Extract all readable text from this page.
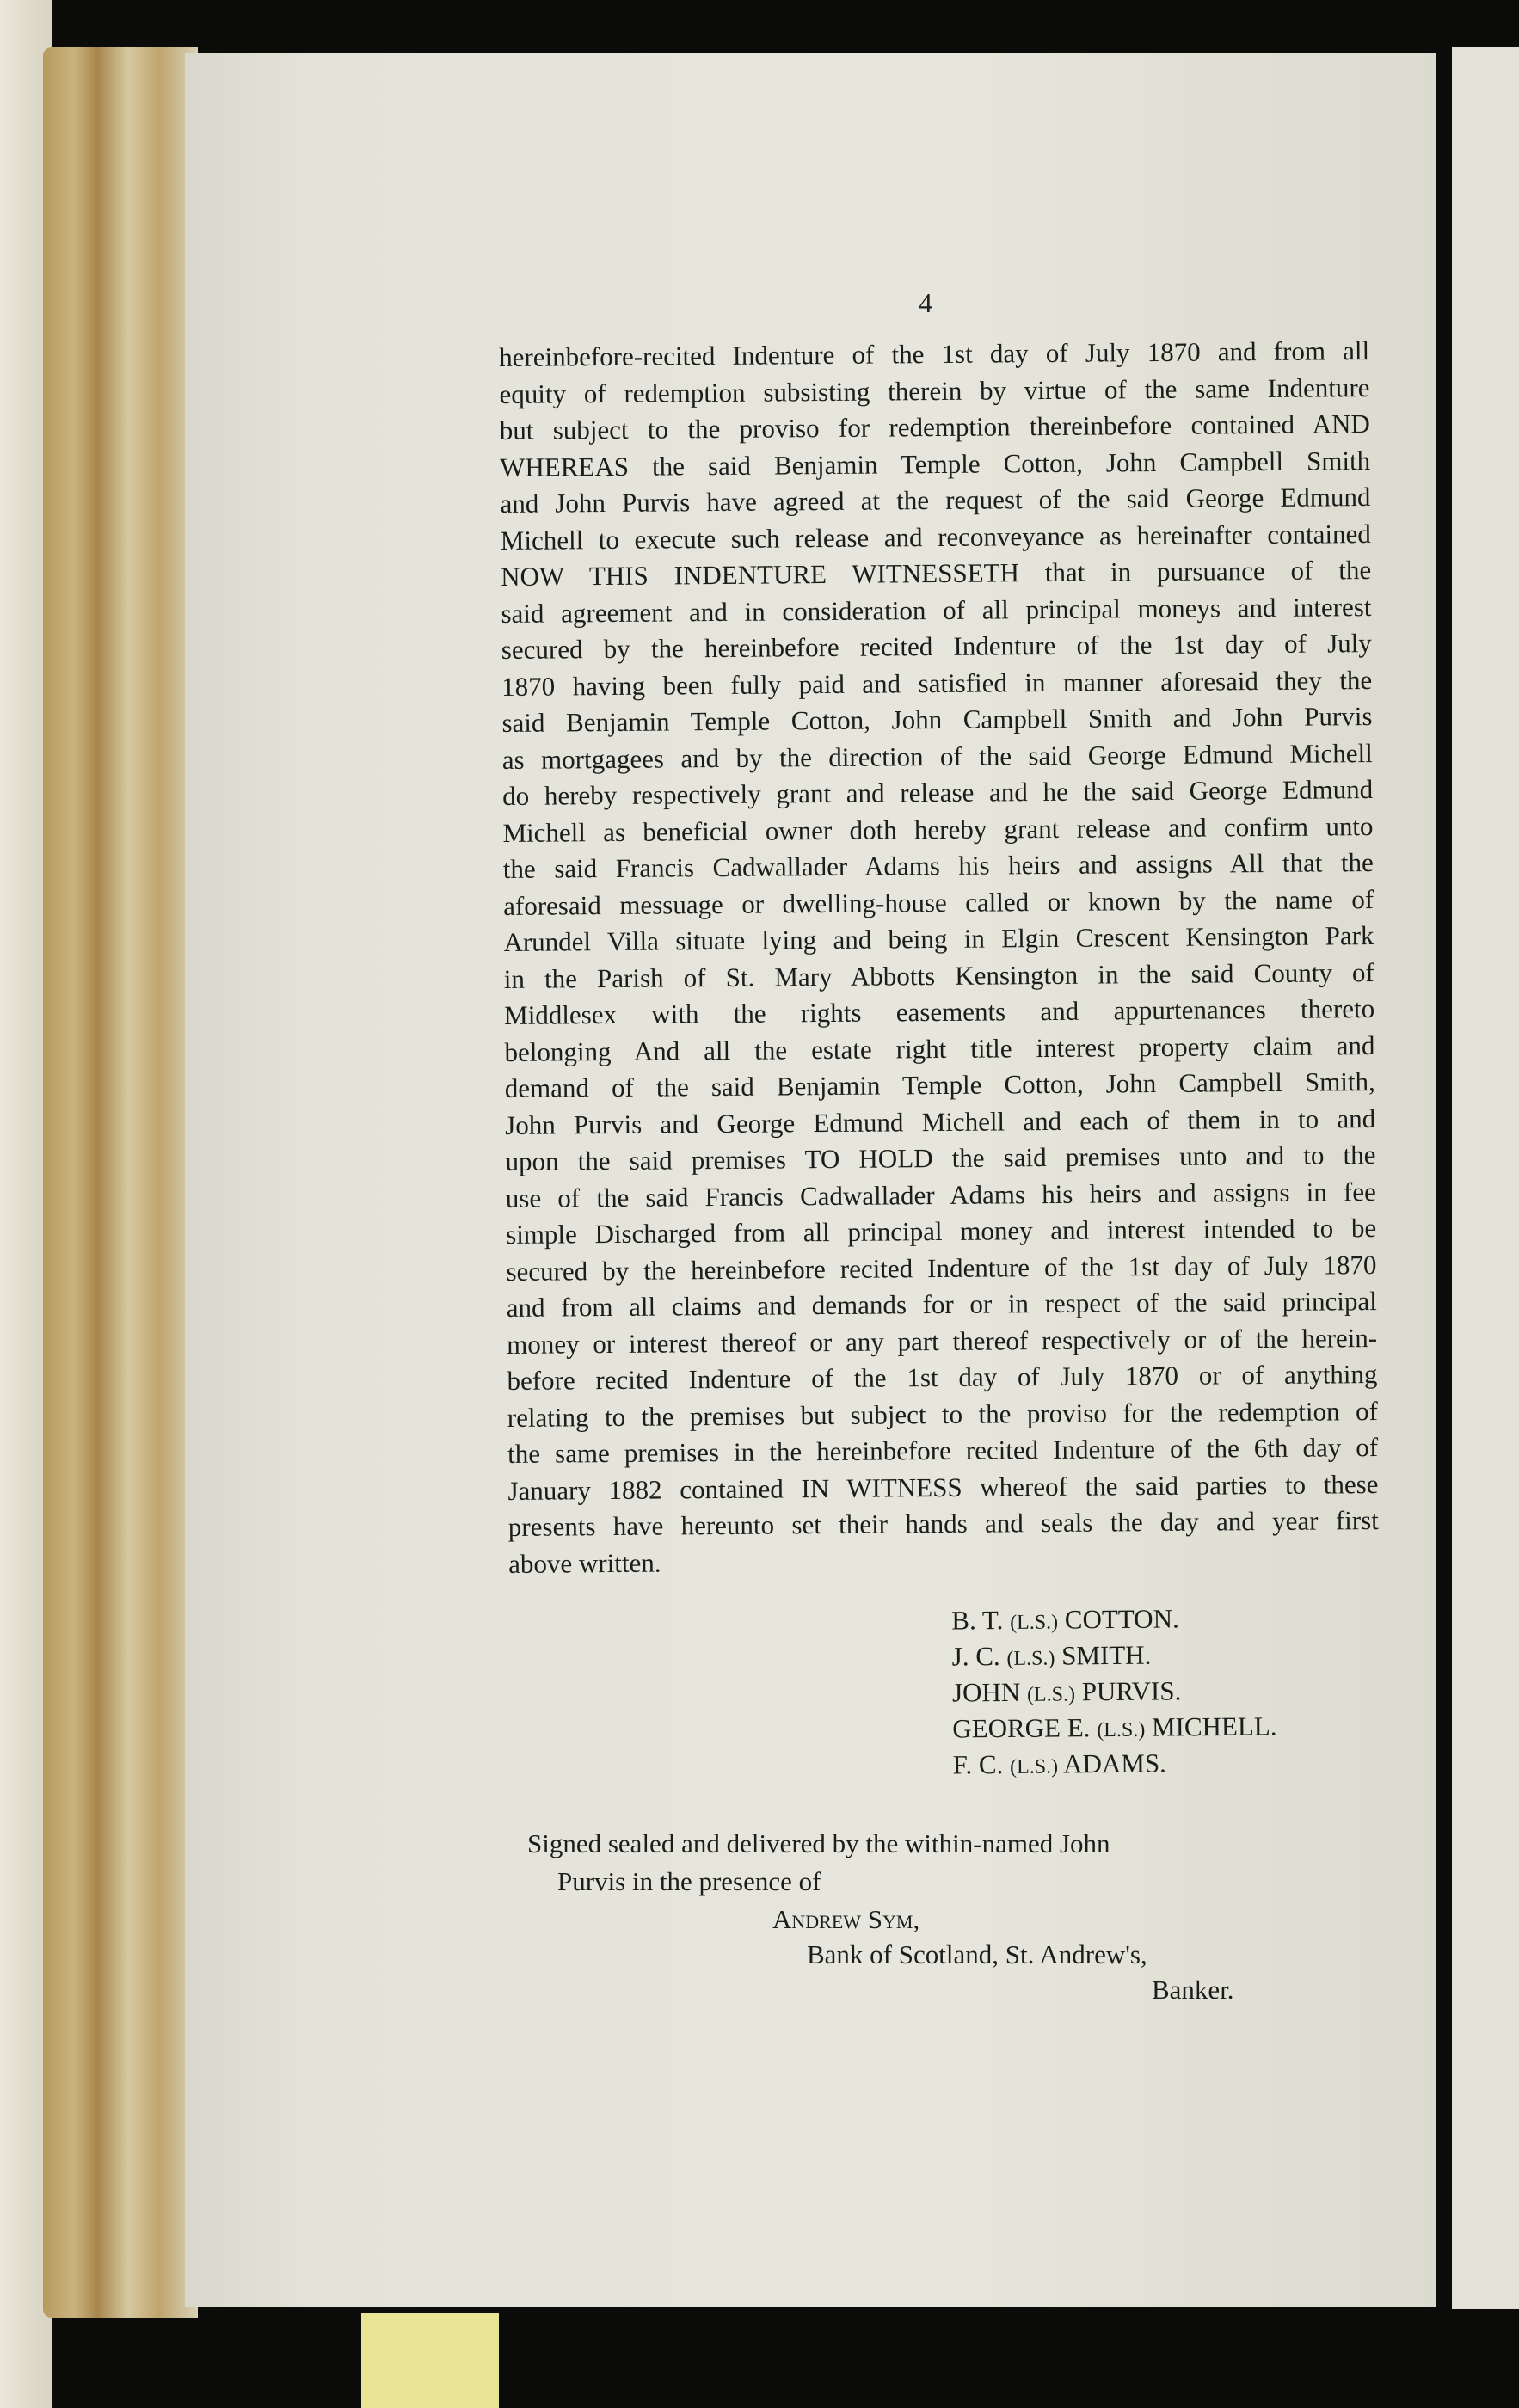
4
hereinbefore-recited Indenture of the 1st day of July 1870 and from all
equity of redemption subsisting therein by virtue of the same Indenture
but subject to the proviso for redemption thereinbefore contained AND
WHEREAS the said Benjamin Temple Cotton, John Campbell Smith
and John Purvis have agreed at the request of the said George Edmund
Michell to execute such release and reconveyance as hereinafter contained
NOW THIS INDENTURE WITNESSETH that in pursuance of the
said agreement and in consideration of all principal moneys and interest
secured by the hereinbefore recited Indenture of the 1st day of July
1870 having been fully paid and satisfied in manner aforesaid they the
said Benjamin Temple Cotton, John Campbell Smith and John Purvis
as mortgagees and by the direction of the said George Edmund Michell
do hereby respectively grant and release and he the said George Edmund
Michell as beneficial owner doth hereby grant release and confirm unto
the said Francis Cadwallader Adams his heirs and assigns All that the
aforesaid messuage or dwelling-house called or known by the name of
Arundel Villa situate lying and being in Elgin Crescent Kensington Park
in the Parish of St. Mary Abbotts Kensington in the said County of
Middlesex with the rights easements and appurtenances thereto
belonging And all the estate right title interest property claim and
demand of the said Benjamin Temple Cotton, John Campbell Smith,
John Purvis and George Edmund Michell and each of them in to and
upon the said premises TO HOLD the said premises unto and to the
use of the said Francis Cadwallader Adams his heirs and assigns in fee
simple Discharged from all principal money and interest intended to be
secured by the hereinbefore recited Indenture of the 1st day of July 1870
and from all claims and demands for or in respect of the said principal
money or interest thereof or any part thereof respectively or of the herein-
before recited Indenture of the 1st day of July 1870 or of anything
relating to the premises but subject to the proviso for the redemption of
the same premises in the hereinbefore recited Indenture of the 6th day of
January 1882 contained IN WITNESS whereof the said parties to these
presents have hereunto set their hands and seals the day and year first
above written.
B. T. (L.S.) COTTON.
J. C. (L.S.) SMITH.
JOHN (L.S.) PURVIS.
GEORGE E. (L.S.) MICHELL.
F. C. (L.S.) ADAMS.
Signed sealed and delivered by the within-named John
Purvis in the presence of
Andrew Sym,
Bank of Scotland, St. Andrew's,
Banker.
